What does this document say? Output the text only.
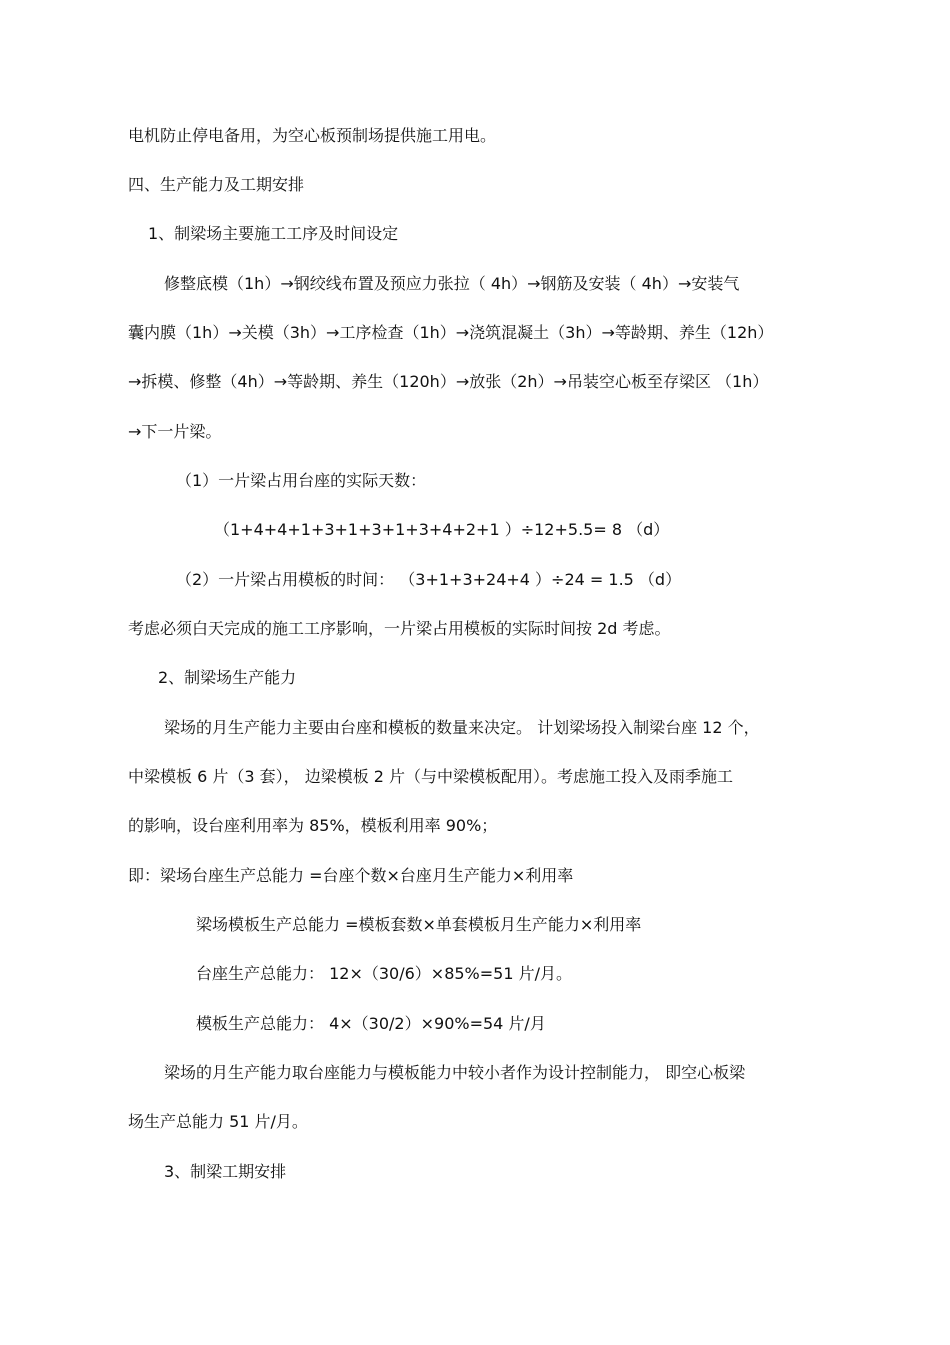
电机防止停电备用，为空心板预制场提供施工用电。
四、生产能力及工期安排
1、制梁场主要施工工序及时间设定
修整底模（1h）→钢绞线布置及预应力张拉（ 4h）→钢筋及安装（ 4h）→安装气
囊内膜（1h）→关模（3h）→工序检查（1h）→浇筑混凝土（3h）→等龄期、养生（12h）
→拆模、修整（4h）→等龄期、养生（120h）→放张（2h）→吊装空心板至存梁区 （1h）
→下一片梁。
（1）一片梁占用台座的实际天数：
（1+4+4+1+3+1+3+1+3+4+2+1 ）÷12+5.5= 8 （d）
（2）一片梁占用模板的时间： （3+1+3+24+4 ）÷24 = 1.5 （d）
考虑必须白天完成的施工工序影响，一片梁占用模板的实际时间按 2d 考虑。
2、制梁场生产能力
梁场的月生产能力主要由台座和模板的数量来决定。 计划梁场投入制梁台座 12 个，
中梁模板 6 片（3 套）， 边梁模板 2 片（与中梁模板配用）。考虑施工投入及雨季施工
的影响，设台座利用率为 85%，模板利用率 90%；
即：梁场台座生产总能力 =台座个数×台座月生产能力×利用率
梁场模板生产总能力 =模板套数×单套模板月生产能力×利用率
台座生产总能力： 12×（30/6）×85%=51 片/月。
模板生产总能力： 4×（30/2）×90%=54 片/月
梁场的月生产能力取台座能力与模板能力中较小者作为设计控制能力， 即空心板梁
场生产总能力 51 片/月。
3、制梁工期安排
